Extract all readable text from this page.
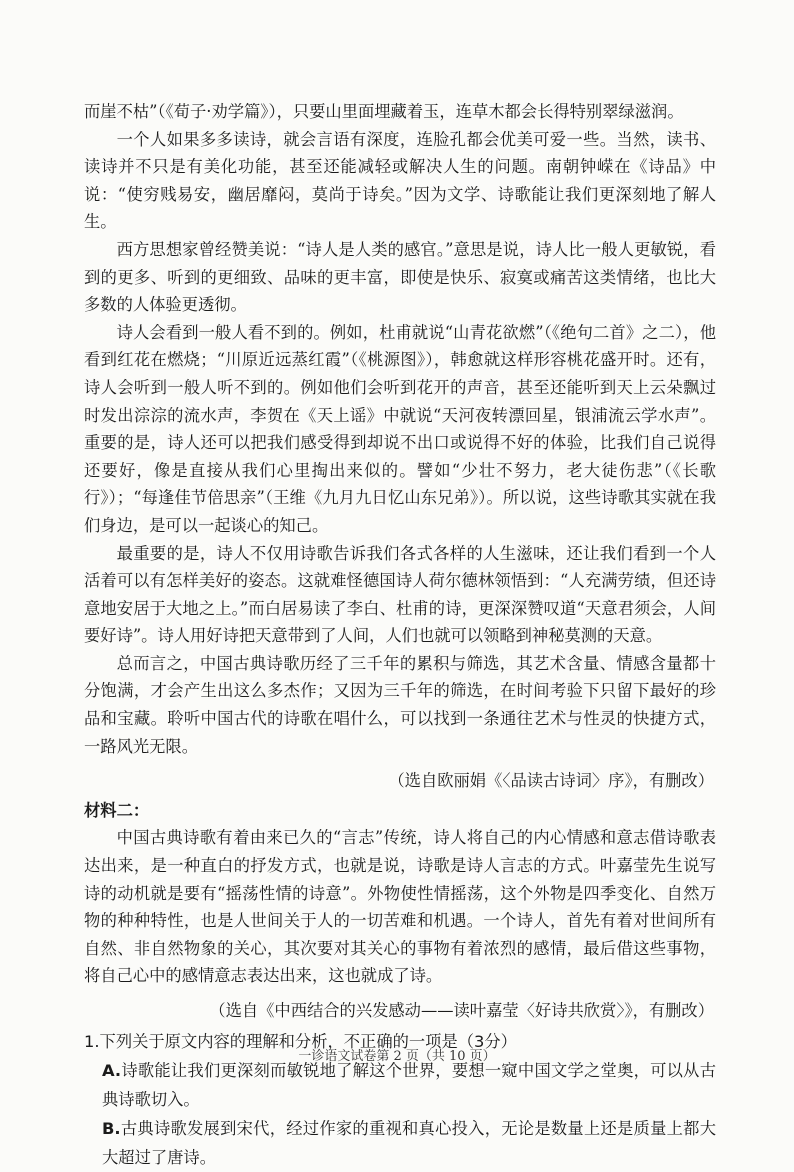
而崖不枯”（《荀子·劝学篇》），只要山里面埋藏着玉，连草木都会长得特别翠绿滋润。

一个人如果多多读诗，就会言语有深度，连脸孔都会优美可爱一些。当然，读书、读诗并不只是有美化功能，甚至还能减轻或解决人生的问题。南朝钟嵘在《诗品》中说：“使穷贱易安，幽居靡闷，莫尚于诗矣。”因为文学、诗歌能让我们更深刻地了解人生。

西方思想家曾经赞美说：“诗人是人类的感官。”意思是说，诗人比一般人更敏锐，看到的更多、听到的更细致、品味的更丰富，即使是快乐、寂寞或痛苦这类情绪，也比大多数的人体验更透彻。

诗人会看到一般人看不到的。例如，杜甫就说“山青花欲燃”（《绝句二首》之二），他看到红花在燃烧；“川原近远蒸红霞”（《桃源图》），韩愈就这样形容桃花盛开时。还有，诗人会听到一般人听不到的。例如他们会听到花开的声音，甚至还能听到天上云朵飘过时发出淙淙的流水声，李贺在《天上谣》中就说“天河夜转漂回星，银浦流云学水声”。重要的是，诗人还可以把我们感受得到却说不出口或说得不好的体验，比我们自己说得还要好，像是直接从我们心里掏出来似的。譬如“少壮不努力，老大徒伤悲”（《长歌行》）；“每逢佳节倍思亲”（王维《九月九日忆山东兄弟》）。所以说，这些诗歌其实就在我们身边，是可以一起谈心的知己。

最重要的是，诗人不仅用诗歌告诉我们各式各样的人生滋味，还让我们看到一个人活着可以有怎样美好的姿态。这就难怪德国诗人荷尔德林领悟到：“人充满劳绩，但还诗意地安居于大地之上。”而白居易读了李白、杜甫的诗，更深深赞叹道“天意君须会，人间要好诗”。诗人用好诗把天意带到了人间，人们也就可以领略到神秘莫测的天意。

总而言之，中国古典诗歌历经了三千年的累积与筛选，其艺术含量、情感含量都十分饱满，才会产生出这么多杰作；又因为三千年的筛选，在时间考验下只留下最好的珍品和宝藏。聆听中国古代的诗歌在唱什么，可以找到一条通往艺术与性灵的快捷方式，一路风光无限。

（选自欧丽娟《〈品读古诗词〉序》，有删改）

材料二：

中国古典诗歌有着由来已久的“言志”传统，诗人将自己的内心情感和意志借诗歌表达出来，是一种直白的抒发方式，也就是说，诗歌是诗人言志的方式。叶嘉莹先生说写诗的动机就是要有“摇荡性情的诗意”。外物使性情摇荡，这个外物是四季变化、自然万物的种种特性，也是人世间关于人的一切苦难和机遇。一个诗人，首先有着对世间所有自然、非自然物象的关心，其次要对其关心的事物有着浓烈的感情，最后借这些事物，将自己心中的感情意志表达出来，这也就成了诗。

（选自《中西结合的兴发感动——读叶嘉莹〈好诗共欣赏〉》，有删改）

1.下列关于原文内容的理解和分析，不正确的一项是（3分）

A.诗歌能让我们更深刻而敏锐地了解这个世界，要想一窥中国文学之堂奥，可以从古典诗歌切入。

B.古典诗歌发展到宋代，经过作家的重视和真心投入，无论是数量上还是质量上都大大超过了唐诗。

一诊语文试卷第 2 页（共 10 页）
